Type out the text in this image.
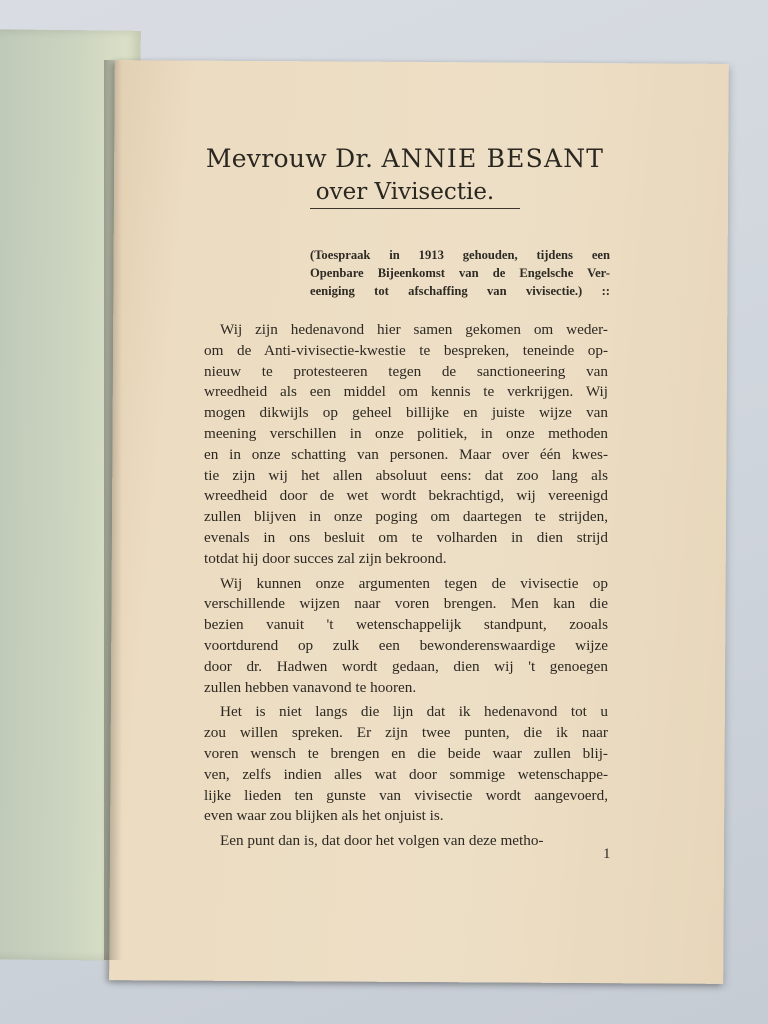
Mevrouw Dr. ANNIE BESANT
over Vivisectie.
(Toespraak in 1913 gehouden, tijdens een
Openbare Bijeenkomst van de Engelsche Ver-
eeniging tot afschaffing van vivisectie.) ::
Wij zijn hedenavond hier samen gekomen om weder-
om de Anti-vivisectie-kwestie te bespreken, teneinde op-
nieuw te protesteeren tegen de sanctioneering van
wreedheid als een middel om kennis te verkrijgen. Wij
mogen dikwijls op geheel billijke en juiste wijze van
meening verschillen in onze politiek, in onze methoden
en in onze schatting van personen. Maar over één kwes-
tie zijn wij het allen absoluut eens: dat zoo lang als
wreedheid door de wet wordt bekrachtigd, wij vereenigd
zullen blijven in onze poging om daartegen te strijden,
evenals in ons besluit om te volharden in dien strijd
totdat hij door succes zal zijn bekroond.
Wij kunnen onze argumenten tegen de vivisectie op
verschillende wijzen naar voren brengen. Men kan die
bezien vanuit 't wetenschappelijk standpunt, zooals
voortdurend op zulk een bewonderenswaardige wijze
door dr. Hadwen wordt gedaan, dien wij 't genoegen
zullen hebben vanavond te hooren.
Het is niet langs die lijn dat ik hedenavond tot u
zou willen spreken. Er zijn twee punten, die ik naar
voren wensch te brengen en die beide waar zullen blij-
ven, zelfs indien alles wat door sommige wetenschappe-
lijke lieden ten gunste van vivisectie wordt aangevoerd,
even waar zou blijken als het onjuist is.
Een punt dan is, dat door het volgen van deze metho-
1
